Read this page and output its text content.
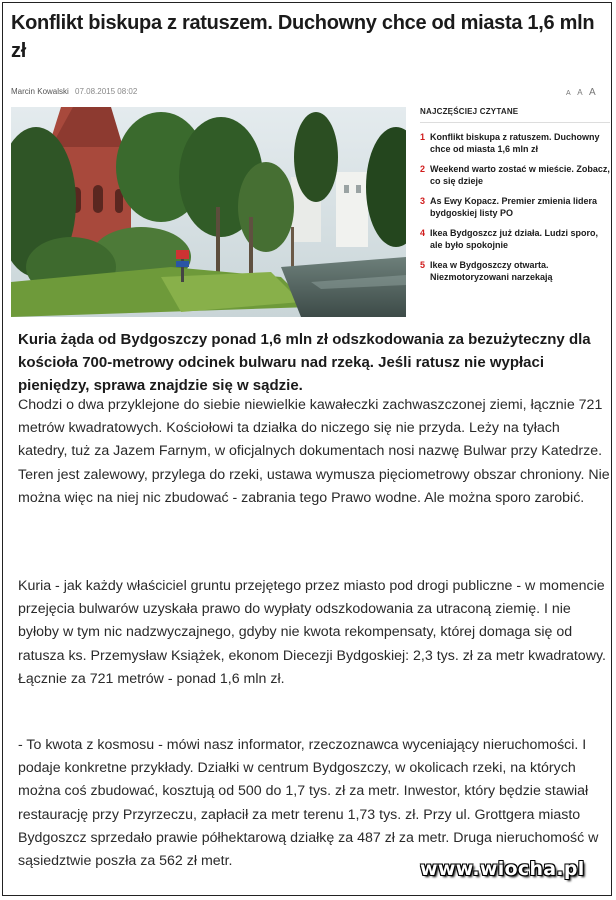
Konflikt biskupa z ratuszem. Duchowny chce od miasta 1,6 mln zł
Marcin Kowalski 07.08.2015 08:02	A A A
NAJCZĘŚCIEJ CZYTANE
1 Konflikt biskupa z ratuszem. Duchowny chce od miasta 1,6 mln zł
2 Weekend warto zostać w mieście. Zobacz, co się dzieje
3 As Ewy Kopacz. Premier zmienia lidera bydgoskiej listy PO
4 Ikea Bydgoszcz już działa. Ludzi sporo, ale było spokojnie
5 Ikea w Bydgoszczy otwarta. Niezmotoryzowani narzekają

Kuria żąda od Bydgoszczy ponad 1,6 mln zł odszkodowania za bezużyteczny dla kościoła 700-metrowy odcinek bulwaru nad rzeką. Jeśli ratusz nie wypłaci pieniędzy, sprawa znajdzie się w sądzie.

Chodzi o dwa przyklejone do siebie niewielkie kawałeczki zachwaszczonej ziemi, łącznie 721 metrów kwadratowych. Kościołowi ta działka do niczego się nie przyda. Leży na tyłach katedry, tuż za Jazem Farnym, w oficjalnych dokumentach nosi nazwę Bulwar przy Katedrze. Teren jest zalewowy, przylega do rzeki, ustawa wymusza pięciometrowy obszar chroniony. Nie można więc na niej nic zbudować - zabrania tego Prawo wodne. Ale można sporo zarobić.

Kuria - jak każdy właściciel gruntu przejętego przez miasto pod drogi publiczne - w momencie przejęcia bulwarów uzyskała prawo do wypłaty odszkodowania za utraconą ziemię. I nie byłoby w tym nic nadzwyczajnego, gdyby nie kwota rekompensaty, której domaga się od ratusza ks. Przemysław Książek, ekonom Diecezji Bydgoskiej: 2,3 tys. zł za metr kwadratowy. Łącznie za 721 metrów - ponad 1,6 mln zł.

- To kwota z kosmosu - mówi nasz informator, rzeczoznawca wyceniający nieruchomości. I podaje konkretne przykłady. Działki w centrum Bydgoszczy, w okolicach rzeki, na których można coś zbudować, kosztują od 500 do 1,7 tys. zł za metr. Inwestor, który będzie stawiał restaurację przy Przyrzeczu, zapłacił za metr terenu 1,73 tys. zł. Przy ul. Grottgera miasto Bydgoszcz sprzedało prawie półhektarową działkę za 487 zł za metr. Druga nieruchomość w sąsiedztwie poszła za 562 zł metr.	www.wiocha.pl
